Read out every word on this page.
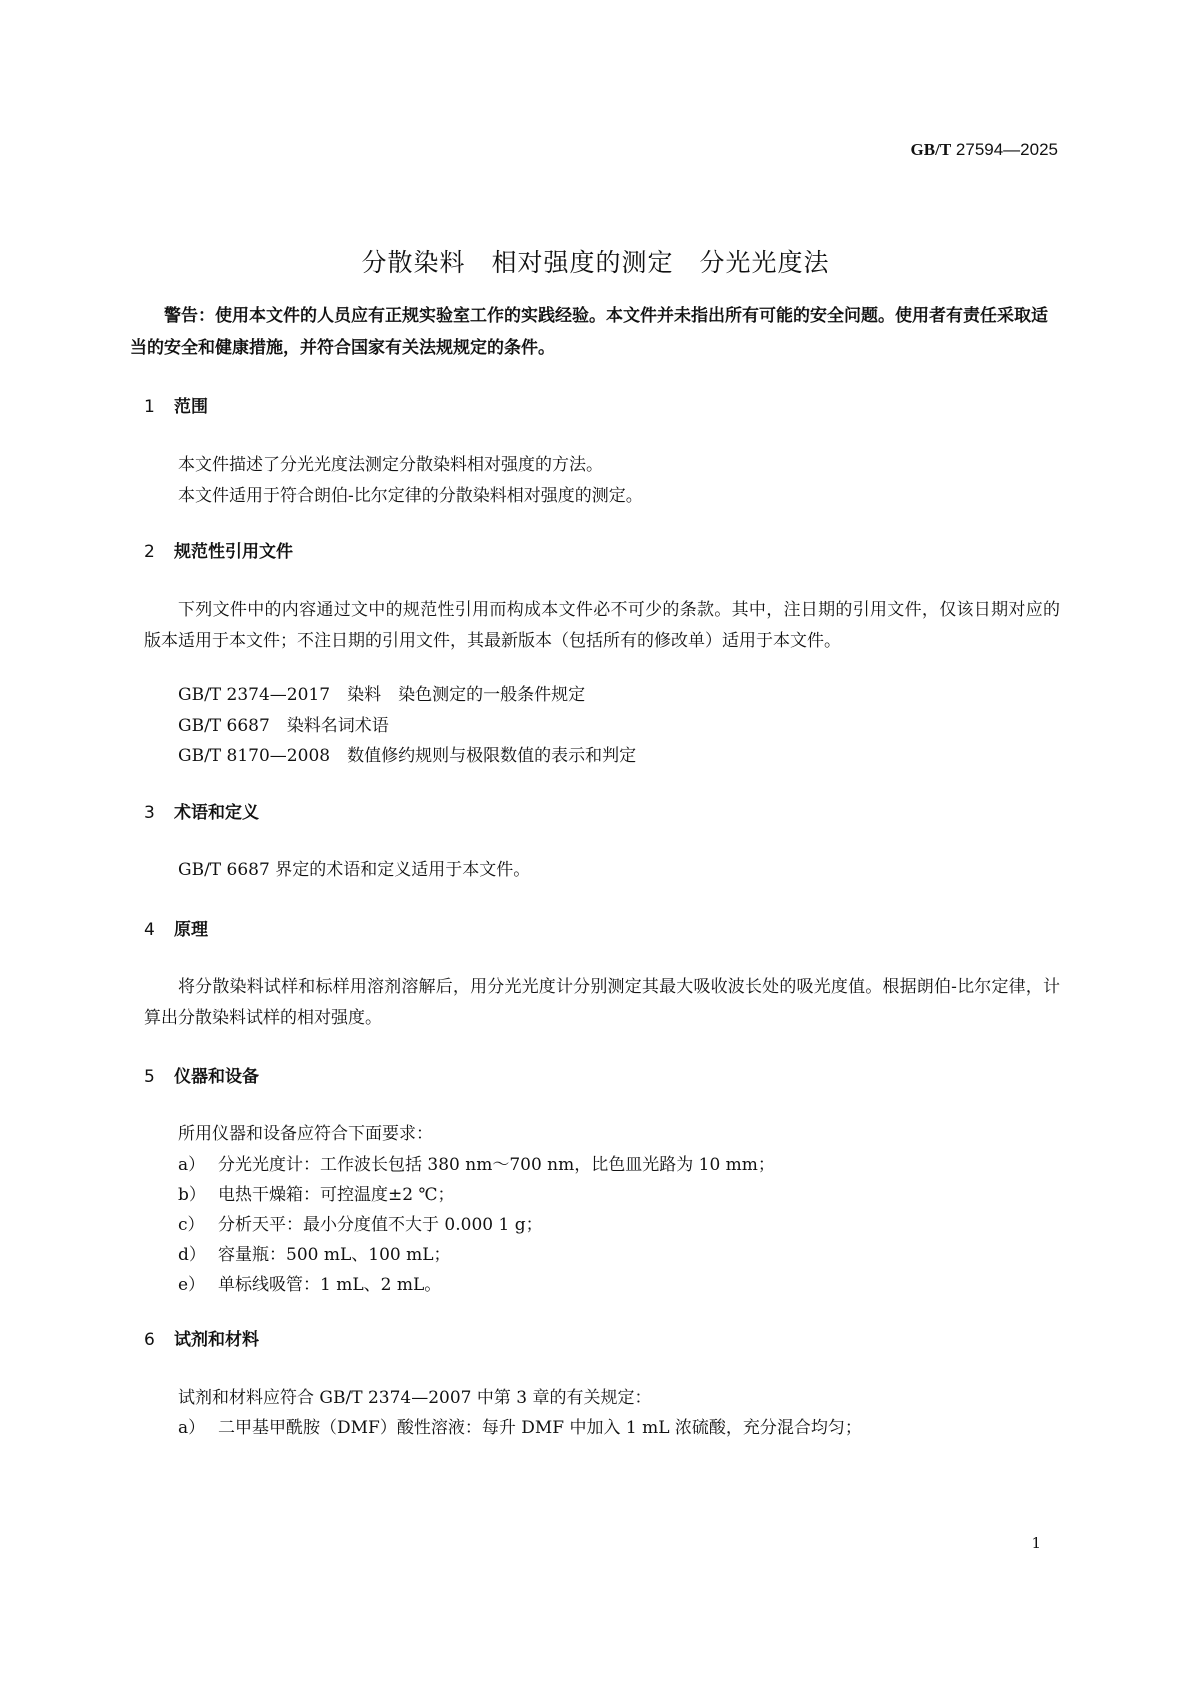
GB/T 27594—2025
分散染料　相对强度的测定　分光光度法
警告：使用本文件的人员应有正规实验室工作的实践经验。本文件并未指出所有可能的安全问题。使用者有责任采取适当的安全和健康措施，并符合国家有关法规规定的条件。
1 范围
本文件描述了分光光度法测定分散染料相对强度的方法。
本文件适用于符合朗伯-比尔定律的分散染料相对强度的测定。
2 规范性引用文件
下列文件中的内容通过文中的规范性引用而构成本文件必不可少的条款。其中，注日期的引用文件，仅该日期对应的版本适用于本文件；不注日期的引用文件，其最新版本（包括所有的修改单）适用于本文件。
GB/T 2374—2017　染料　染色测定的一般条件规定
GB/T 6687　染料名词术语
GB/T 8170—2008　数值修约规则与极限数值的表示和判定
3 术语和定义
GB/T 6687 界定的术语和定义适用于本文件。
4 原理
将分散染料试样和标样用溶剂溶解后，用分光光度计分别测定其最大吸收波长处的吸光度值。根据朗伯-比尔定律，计算出分散染料试样的相对强度。
5 仪器和设备
所用仪器和设备应符合下面要求：
a） 分光光度计：工作波长包括 380 nm～700 nm，比色皿光路为 10 mm；
b） 电热干燥箱：可控温度±2 ℃；
c） 分析天平：最小分度值不大于 0.000 1 g；
d） 容量瓶：500 mL、100 mL；
e） 单标线吸管：1 mL、2 mL。
6 试剂和材料
试剂和材料应符合 GB/T 2374—2007 中第 3 章的有关规定：
a） 二甲基甲酰胺（DMF）酸性溶液：每升 DMF 中加入 1 mL 浓硫酸，充分混合均匀；
1
